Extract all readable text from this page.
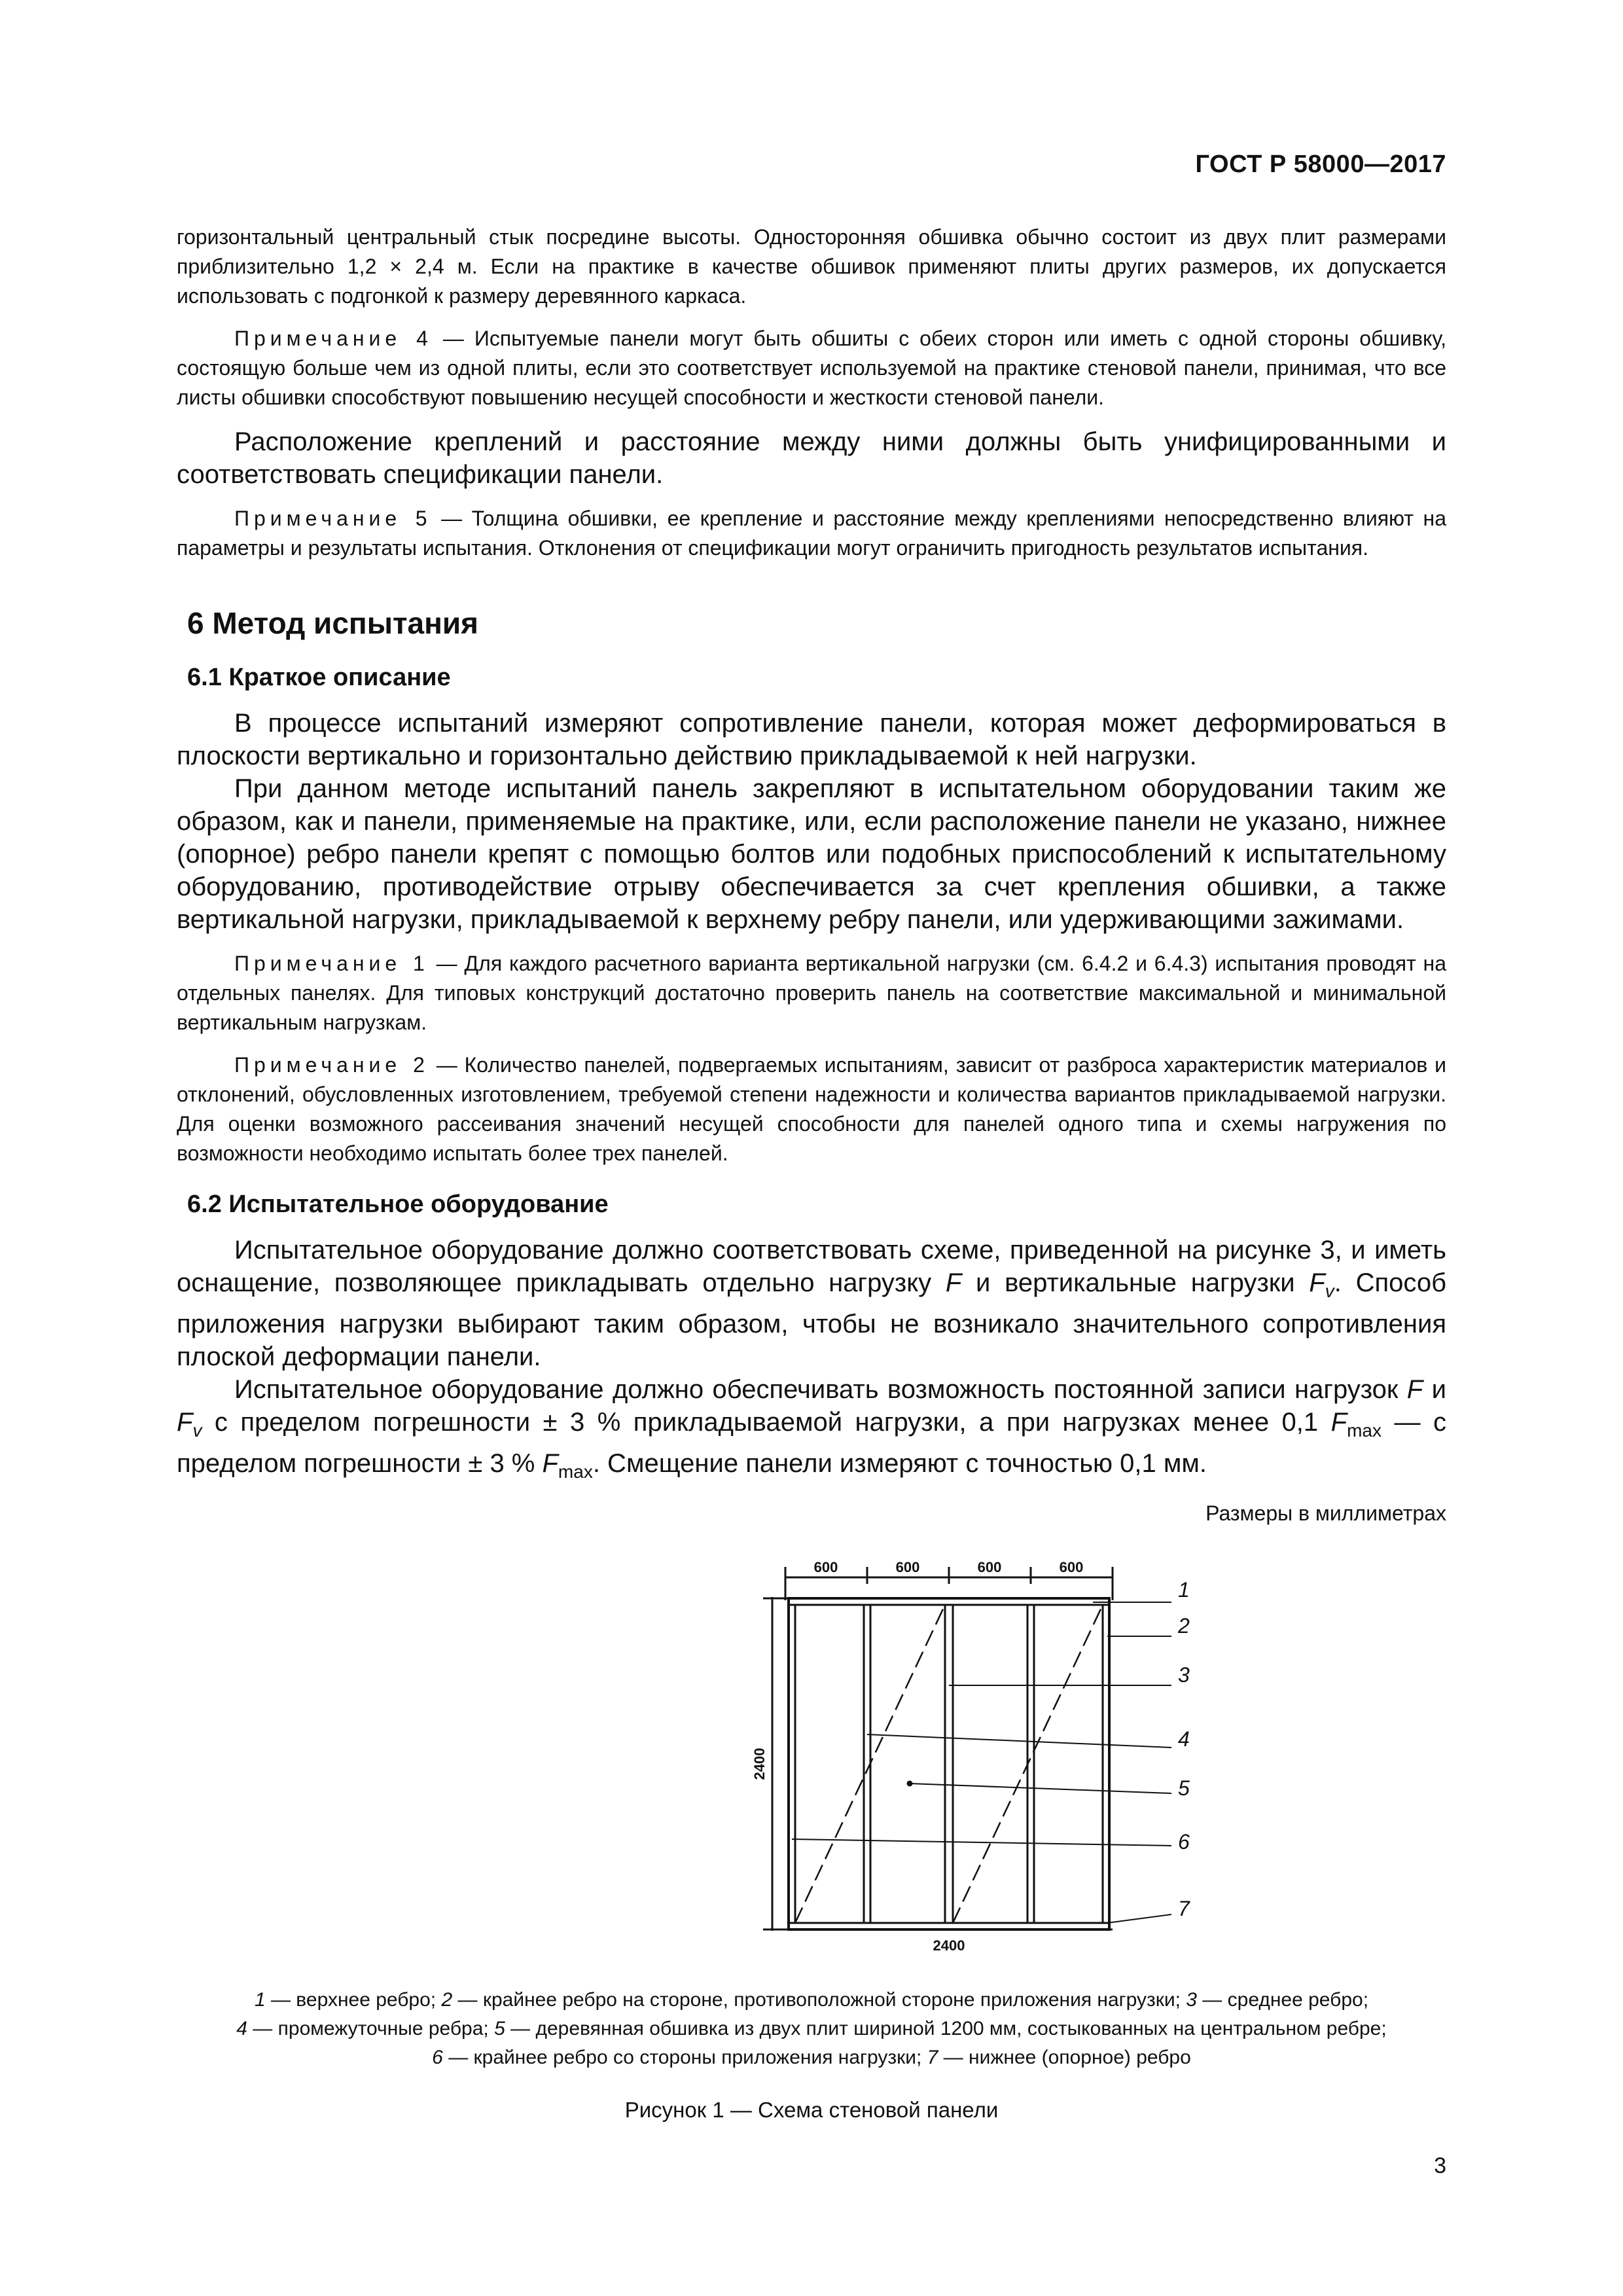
ГОСТ Р 58000—2017

горизонтальный центральный стык посредине высоты. Односторонняя обшивка обычно состоит из двух плит размерами приблизительно 1,2 × 2,4 м. Если на практике в качестве обшивок применяют плиты других размеров, их допускается использовать с подгонкой к размеру деревянного каркаса.

Примечание 4 — Испытуемые панели могут быть обшиты с обеих сторон или иметь с одной стороны обшивку, состоящую больше чем из одной плиты, если это соответствует используемой на практике стеновой панели, принимая, что все листы обшивки способствуют повышению несущей способности и жесткости стеновой панели.

Расположение креплений и расстояние между ними должны быть унифицированными и соответствовать спецификации панели.

Примечание 5 — Толщина обшивки, ее крепление и расстояние между креплениями непосредственно влияют на параметры и результаты испытания. Отклонения от спецификации могут ограничить пригодность результатов испытания.

6 Метод испытания
6.1 Краткое описание

В процессе испытаний измеряют сопротивление панели, которая может деформироваться в плоскости вертикально и горизонтально действию прикладываемой к ней нагрузки.

При данном методе испытаний панель закрепляют в испытательном оборудовании таким же образом, как и панели, применяемые на практике, или, если расположение панели не указано, нижнее (опорное) ребро панели крепят с помощью болтов или подобных приспособлений к испытательному оборудованию, противодействие отрыву обеспечивается за счет крепления обшивки, а также вертикальной нагрузки, прикладываемой к верхнему ребру панели, или удерживающими зажимами.

Примечание 1 — Для каждого расчетного варианта вертикальной нагрузки (см. 6.4.2 и 6.4.3) испытания проводят на отдельных панелях. Для типовых конструкций достаточно проверить панель на соответствие максимальной и минимальной вертикальным нагрузкам.

Примечание 2 — Количество панелей, подвергаемых испытаниям, зависит от разброса характеристик материалов и отклонений, обусловленных изготовлением, требуемой степени надежности и количества вариантов прикладываемой нагрузки. Для оценки возможного рассеивания значений несущей способности для панелей одного типа и схемы нагружения по возможности необходимо испытать более трех панелей.

6.2 Испытательное оборудование

Испытательное оборудование должно соответствовать схеме, приведенной на рисунке 3, и иметь оснащение, позволяющее прикладывать отдельно нагрузку F и вертикальные нагрузки $F_v$. Способ приложения нагрузки выбирают таким образом, чтобы не возникало значительного сопротивления плоской деформации панели.

Испытательное оборудование должно обеспечивать возможность постоянной записи нагрузок F и $F_v$ с пределом погрешности ± 3 % прикладываемой нагрузки, а при нагрузках менее 0,1 $F_{max}$ — с пределом погрешности ± 3 % $F_{max}$. Смещение панели измеряют с точностью 0,1 мм.

Размеры в миллиметрах

600	600	600	600
2400
2400
1
2
3
4
5
6
7

1 — верхнее ребро; 2 — крайнее ребро на стороне, противоположной стороне приложения нагрузки; 3 — среднее ребро;

4 — промежуточные ребра; 5 — деревянная обшивка из двух плит шириной 1200 мм, состыкованных на центральном ребре;

6 — крайнее ребро со стороны приложения нагрузки; 7 — нижнее (опорное) ребро

Рисунок 1 — Схема стеновой панели

3
